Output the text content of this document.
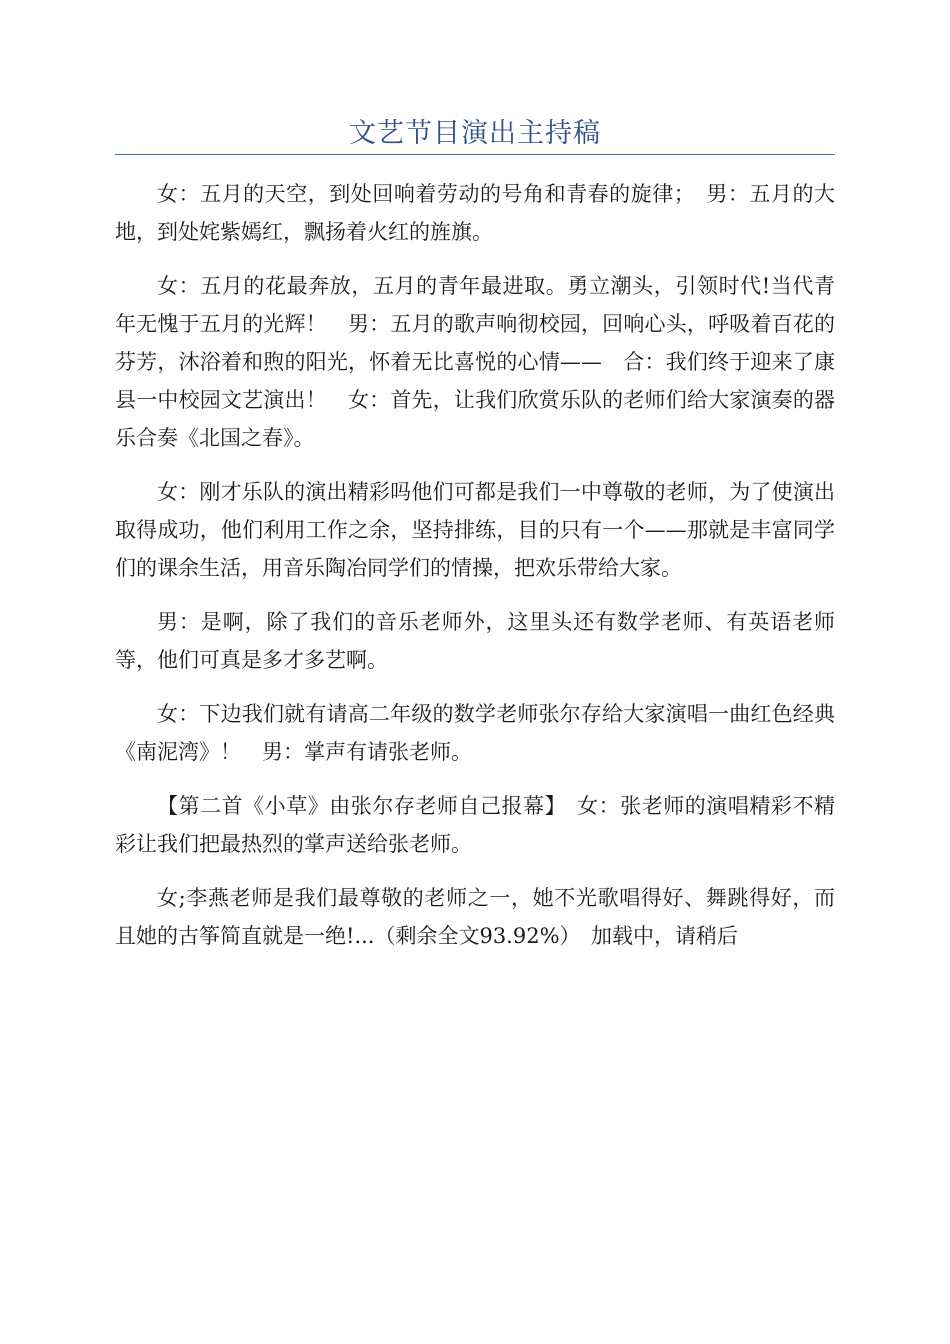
文艺节目演出主持稿

女：五月的天空，到处回响着劳动的号角和青春的旋律；　男：五月的大地，到处姹紫嫣红，飘扬着火红的旌旗。

女：五月的花最奔放，五月的青年最进取。勇立潮头，引领时代!当代青年无愧于五月的光辉！　男：五月的歌声响彻校园，回响心头，呼吸着百花的芬芳，沐浴着和煦的阳光，怀着无比喜悦的心情——　合：我们终于迎来了康县一中校园文艺演出！　女：首先，让我们欣赏乐队的老师们给大家演奏的器乐合奏《北国之春》。

女：刚才乐队的演出精彩吗他们可都是我们一中尊敬的老师，为了使演出取得成功，他们利用工作之余，坚持排练，目的只有一个——那就是丰富同学们的课余生活，用音乐陶冶同学们的情操，把欢乐带给大家。

男：是啊，除了我们的音乐老师外，这里头还有数学老师、有英语老师等，他们可真是多才多艺啊。

女：下边我们就有请高二年级的数学老师张尔存给大家演唱一曲红色经典《南泥湾》！　男：掌声有请张老师。

【第二首《小草》由张尔存老师自己报幕】　女：张老师的演唱精彩不精彩让我们把最热烈的掌声送给张老师。

女;李燕老师是我们最尊敬的老师之一，她不光歌唱得好、舞跳得好，而且她的古筝简直就是一绝!...（剩余全文93.92%）　加载中，请稍后
